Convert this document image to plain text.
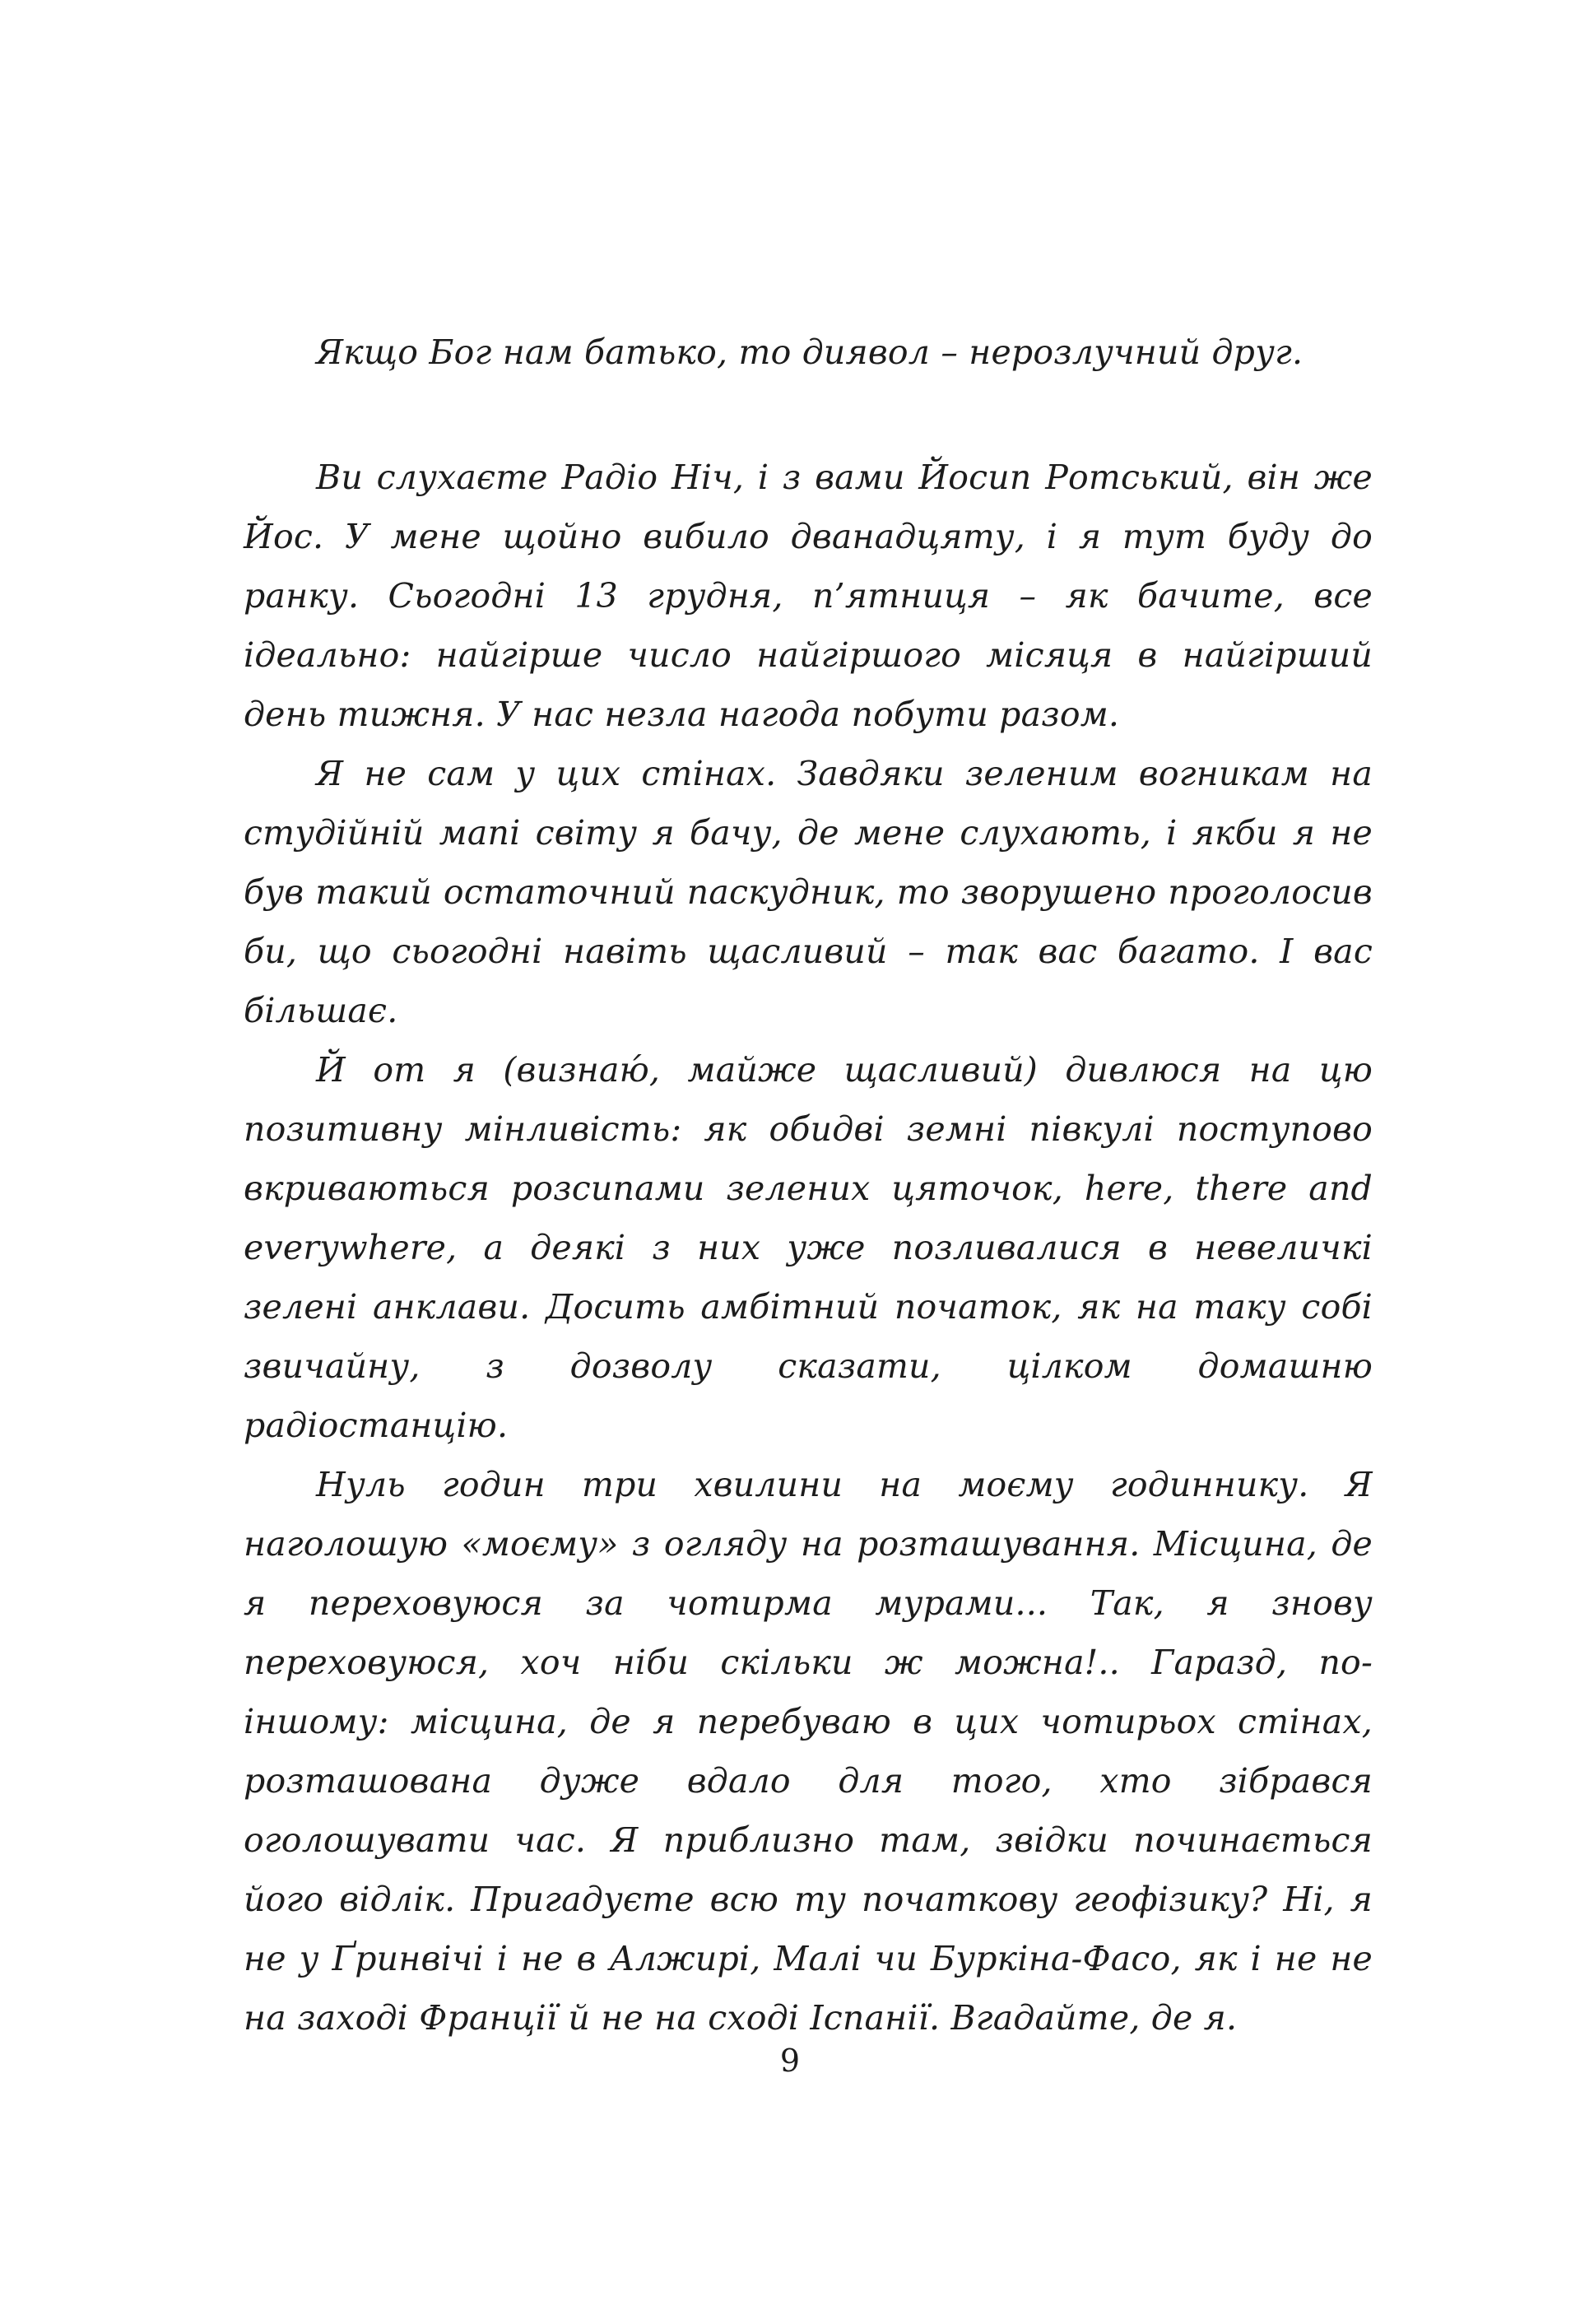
Якщо Бог нам батько, то диявол – нерозлучний друг.

Ви слухаєте Радіо Ніч, і з вами Йосип Ротський, він же Йос. У мене щойно вибило дванадцяту, і я тут буду до ранку. Сьогодні 13 грудня, п’ятниця – як бачите, все ідеально: найгірше число найгіршого місяця в найгірший день тижня. У нас незла нагода побути разом.

Я не сам у цих стінах. Завдяки зеленим вогникам на студійній мапі світу я бачу, де мене слухають, і якби я не був такий остаточний паскудник, то зворушено проголосив би, що сьогодні навіть щасливий – так вас багато. І вас більшає.

Й от я (визнаю́, майже щасливий) дивлюся на цю позитивну мінливість: як обидві земні півкулі поступово вкриваються розсипами зелених цяточок, here, there and everywhere, а деякі з них уже позливалися в невеличкі зелені анклави. Досить амбітний початок, як на таку собі звичайну, з дозволу сказати, цілком домашню радіостанцію.

Нуль годин три хвилини на моєму годиннику. Я наголошую «моєму» з огляду на розташування. Місцина, де я переховуюся за чотирма мурами... Так, я знову переховуюся, хоч ніби скільки ж можна!.. Гаразд, по-іншому: місцина, де я перебуваю в цих чотирьох стінах, розташована дуже вдало для того, хто зібрався оголошувати час. Я приблизно там, звідки починається його відлік. Пригадуєте всю ту початкову геофізику? Ні, я не у Ґринвічі і не в Алжирі, Малі чи Буркіна-Фасо, як і не не на заході Франції й не на сході Іспанії. Вгадайте, де я.

9
